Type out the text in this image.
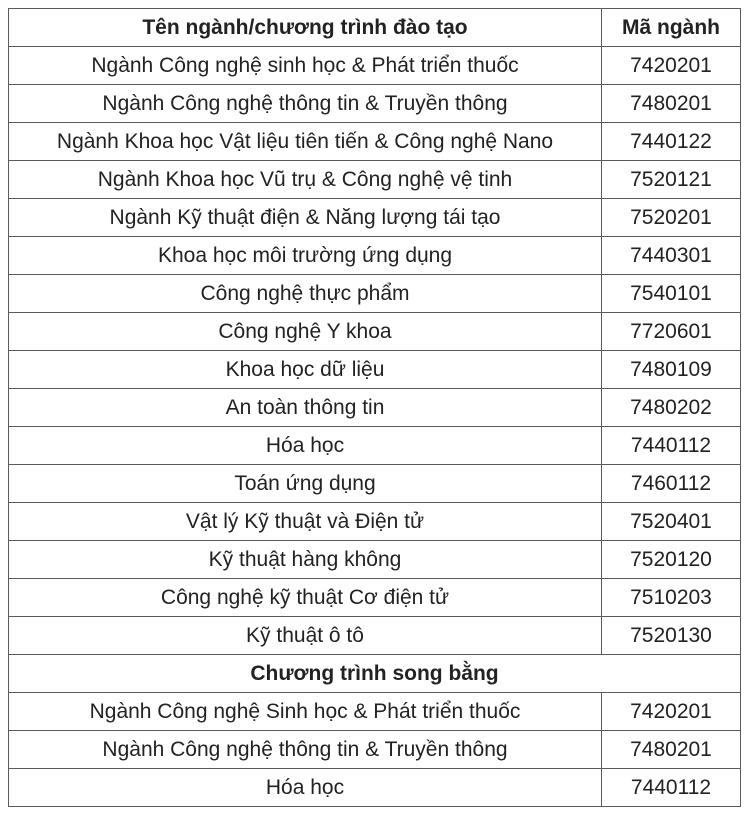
Tên ngành/chương trình đào tạo	Mã ngành
Ngành Công nghệ sinh học & Phát triển thuốc	7420201
Ngành Công nghệ thông tin & Truyền thông	7480201
Ngành Khoa học Vật liệu tiên tiến & Công nghệ Nano	7440122
Ngành Khoa học Vũ trụ & Công nghệ vệ tinh	7520121
Ngành Kỹ thuật điện & Năng lượng tái tạo	7520201
Khoa học môi trường ứng dụng	7440301
Công nghệ thực phẩm	7540101
Công nghệ Y khoa	7720601
Khoa học dữ liệu	7480109
An toàn thông tin	7480202
Hóa học	7440112
Toán ứng dụng	7460112
Vật lý Kỹ thuật và Điện tử	7520401
Kỹ thuật hàng không	7520120
Công nghệ kỹ thuật Cơ điện tử	7510203
Kỹ thuật ô tô	7520130
Chương trình song bằng	
Ngành Công nghệ Sinh học & Phát triển thuốc	7420201
Ngành Công nghệ thông tin & Truyền thông	7480201
Hóa học	7440112
